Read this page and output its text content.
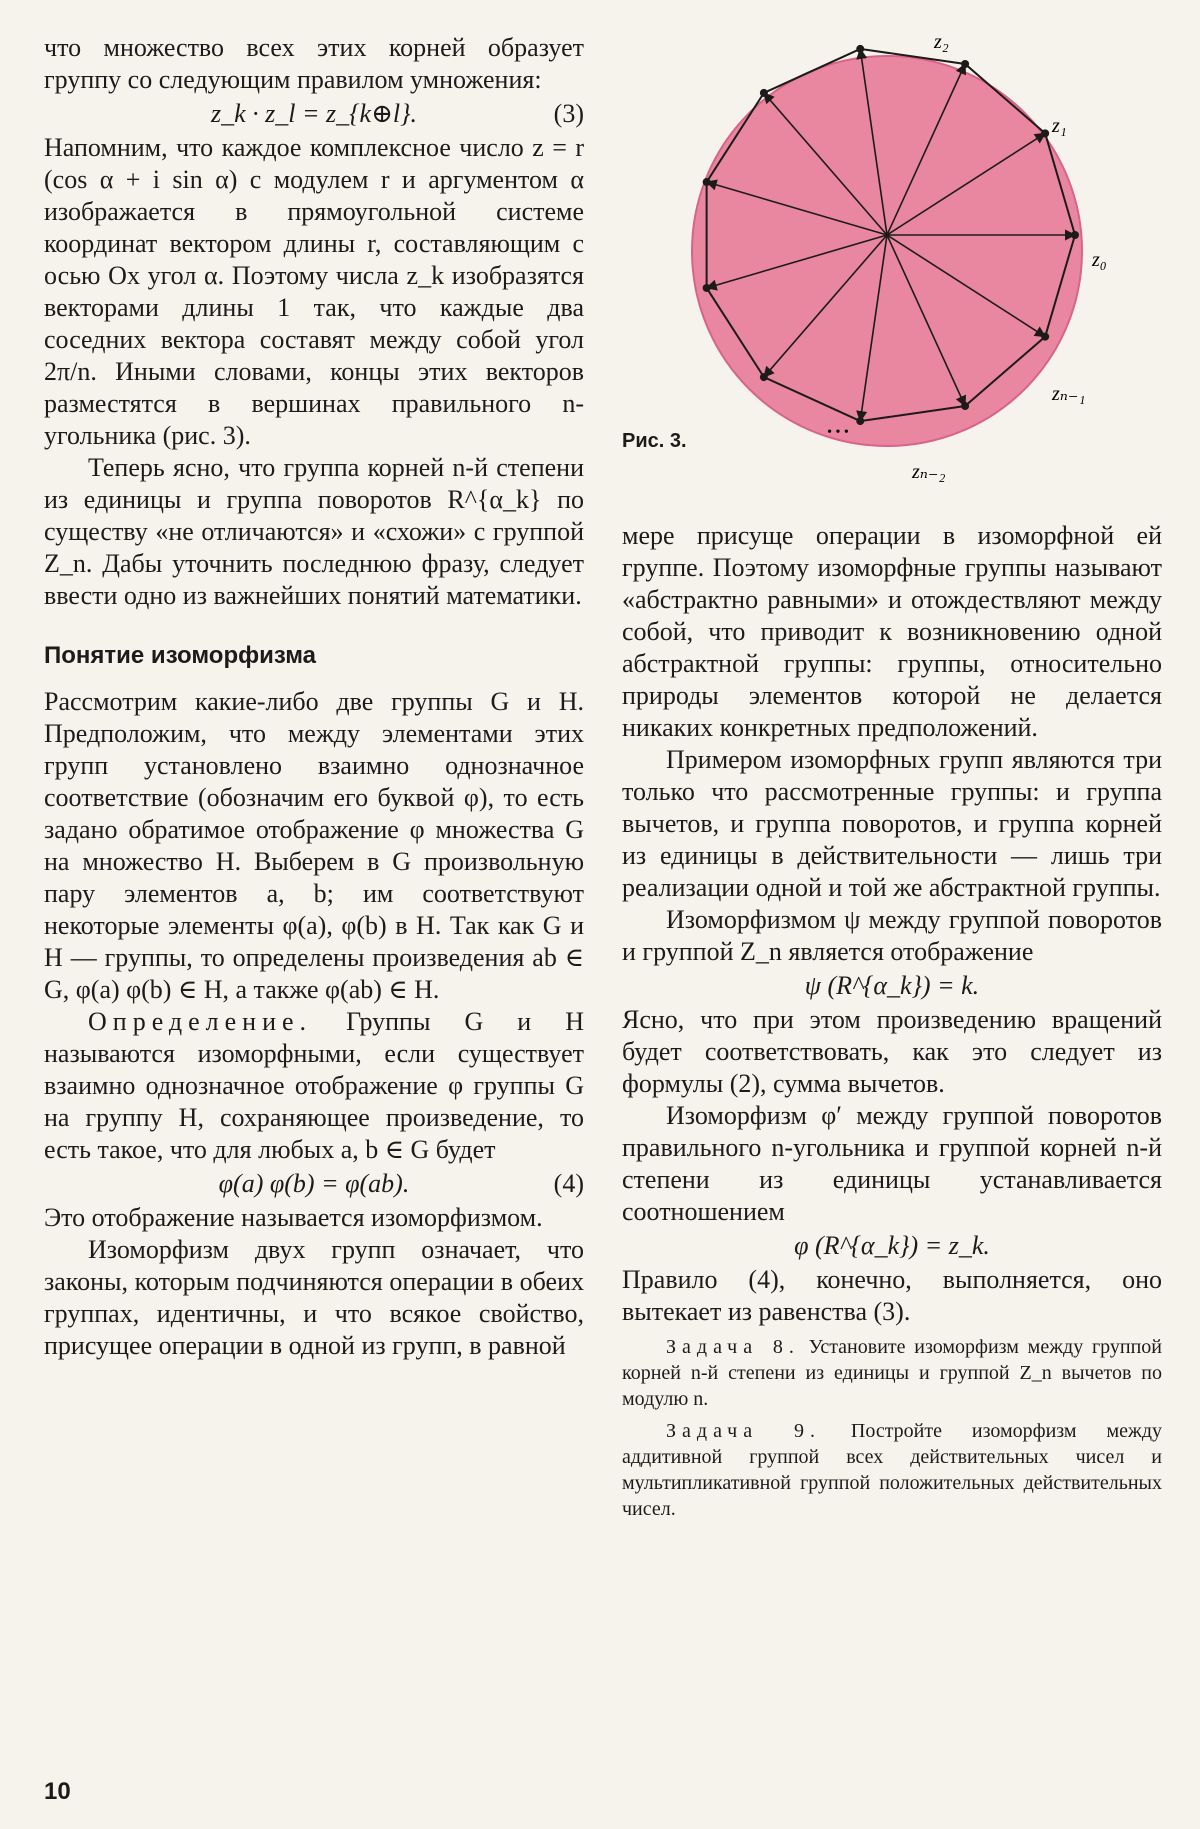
что множество всех этих корней образует группу со следующим правилом умножения:

z_k · z_l = z_{k⊕l}.	(3)

Напомним, что каждое комплексное число z = r (cos α + i sin α) с модулем r и аргументом α изображается в прямоугольной системе координат вектором длины r, составляющим с осью Ox угол α. Поэтому числа z_k изобразятся векторами длины 1 так, что каждые два соседних вектора составят между собой угол 2π/n. Иными словами, концы этих векторов разместятся в вершинах правильного n-угольника (рис. 3).

Теперь ясно, что группа корней n-й степени из единицы и группа поворотов R^{α_k} по существу «не отличаются» и «схожи» с группой Z_n. Дабы уточнить последнюю фразу, следует ввести одно из важнейших понятий математики.

Понятие изоморфизма

Рассмотрим какие-либо две группы G и H. Предположим, что между элементами этих групп установлено взаимно однозначное соответствие (обозначим его буквой φ), то есть задано обратимое отображение φ множества G на множество H. Выберем в G произвольную пару элементов a, b; им соответствуют некоторые элементы φ(a), φ(b) в H. Так как G и H — группы, то определены произведения ab ∈ G, φ(a) φ(b) ∈ H, а также φ(ab) ∈ H.

Определение. Группы G и H называются изоморфными, если существует взаимно однозначное отображение φ группы G на группу H, сохраняющее произведение, то есть такое, что для любых a, b ∈ G будет

φ(a) φ(b) = φ(ab).	(4)

Это отображение называется изоморфизмом.

Изоморфизм двух групп означает, что законы, которым подчиняются операции в обеих группах, идентичны, и что всякое свойство, присущее операции в одной из групп, в равной

z₂
z₁
z₀
zₙ₋₁
zₙ₋₂
• • •
Рис. 3.

мере присуще операции в изоморфной ей группе. Поэтому изоморфные группы называют «абстрактно равными» и отождествляют между собой, что приводит к возникновению одной абстрактной группы: группы, относительно природы элементов которой не делается никаких конкретных предположений.

Примером изоморфных групп являются три только что рассмотренные группы: и группа вычетов, и группа поворотов, и группа корней из единицы в действительности — лишь три реализации одной и той же абстрактной группы.

Изоморфизмом ψ между группой поворотов и группой Z_n является отображение

ψ (R^{α_k}) = k.

Ясно, что при этом произведению вращений будет соответствовать, как это следует из формулы (2), сумма вычетов.

Изоморфизм φ′ между группой поворотов правильного n-угольника и группой корней n-й степени из единицы устанавливается соотношением

φ (R^{α_k}) = z_k.

Правило (4), конечно, выполняется, оно вытекает из равенства (3).

Задача 8. Установите изоморфизм между группой корней n-й степени из единицы и группой Z_n вычетов по модулю n.
Задача 9. Постройте изоморфизм между аддитивной группой всех действительных чисел и мультипликативной группой положительных действительных чисел.
10
